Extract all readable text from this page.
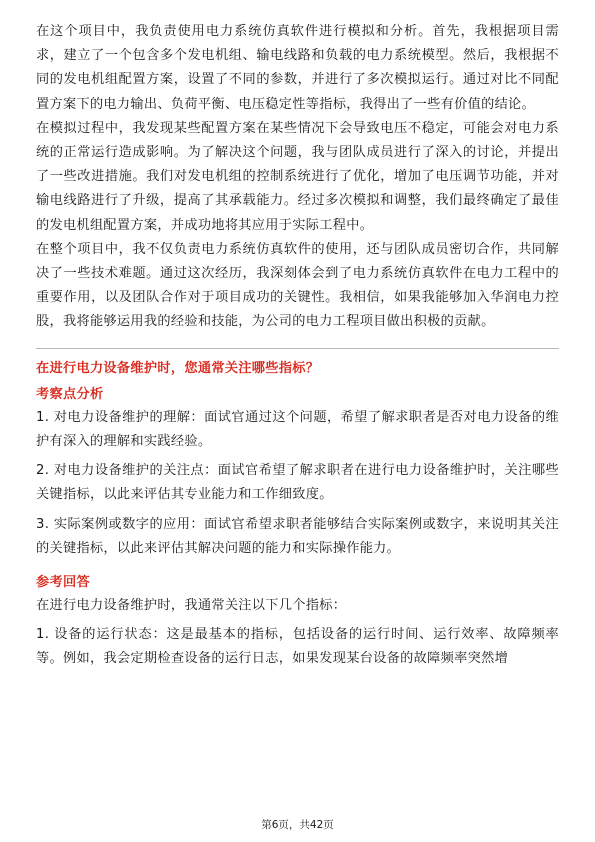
在这个项目中，我负责使用电力系统仿真软件进行模拟和分析。首先，我根据项目需求，建立了一个包含多个发电机组、输电线路和负载的电力系统模型。然后，我根据不同的发电机组配置方案，设置了不同的参数，并进行了多次模拟运行。通过对比不同配置方案下的电力输出、负荷平衡、电压稳定性等指标，我得出了一些有价值的结论。

在模拟过程中，我发现某些配置方案在某些情况下会导致电压不稳定，可能会对电力系统的正常运行造成影响。为了解决这个问题，我与团队成员进行了深入的讨论，并提出了一些改进措施。我们对发电机组的控制系统进行了优化，增加了电压调节功能，并对输电线路进行了升级，提高了其承载能力。经过多次模拟和调整，我们最终确定了最佳的发电机组配置方案，并成功地将其应用于实际工程中。

在整个项目中，我不仅负责电力系统仿真软件的使用，还与团队成员密切合作，共同解决了一些技术难题。通过这次经历，我深刻体会到了电力系统仿真软件在电力工程中的重要作用，以及团队合作对于项目成功的关键性。我相信，如果我能够加入华润电力控股，我将能够运用我的经验和技能，为公司的电力工程项目做出积极的贡献。

在进行电力设备维护时，您通常关注哪些指标？

考察点分析

1. 对电力设备维护的理解：面试官通过这个问题，希望了解求职者是否对电力设备的维护有深入的理解和实践经验。

2. 对电力设备维护的关注点：面试官希望了解求职者在进行电力设备维护时，关注哪些关键指标，以此来评估其专业能力和工作细致度。

3. 实际案例或数字的应用：面试官希望求职者能够结合实际案例或数字，来说明其关注的关键指标，以此来评估其解决问题的能力和实际操作能力。

参考回答

在进行电力设备维护时，我通常关注以下几个指标：

1. 设备的运行状态：这是最基本的指标，包括设备的运行时间、运行效率、故障频率等。例如，我会定期检查设备的运行日志，如果发现某台设备的故障频率突然增

第6页，共42页
